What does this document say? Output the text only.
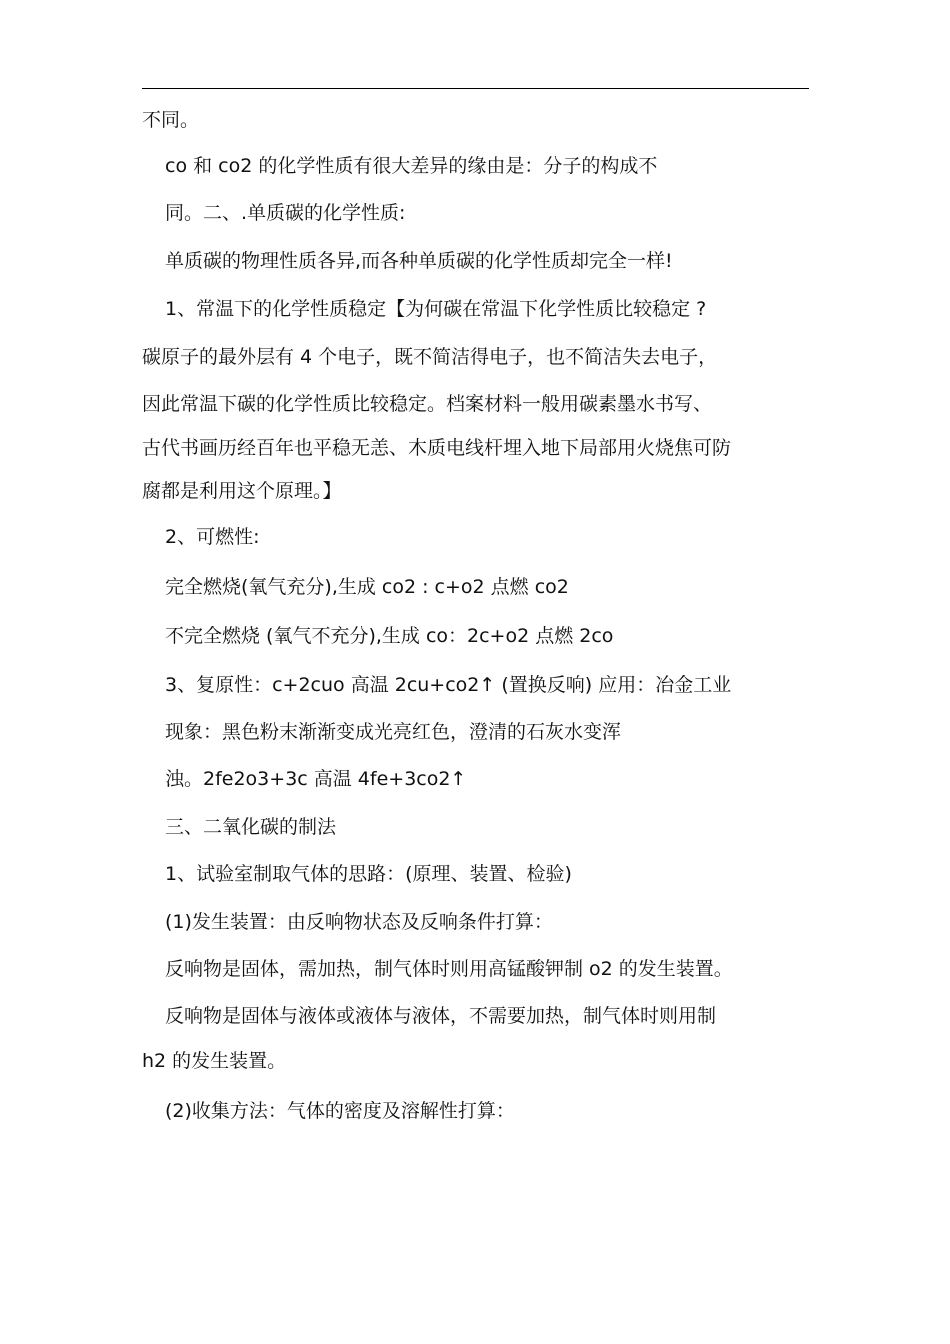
不同。
co 和 co2 的化学性质有很大差异的缘由是：分子的构成不
同。二、.单质碳的化学性质:
单质碳的物理性质各异,而各种单质碳的化学性质却完全一样!
1、常温下的化学性质稳定【为何碳在常温下化学性质比较稳定 ?
碳原子的最外层有 4 个电子，既不简洁得电子，也不简洁失去电子，
因此常温下碳的化学性质比较稳定。档案材料一般用碳素墨水书写、
古代书画历经百年也平稳无恙、木质电线杆埋入地下局部用火烧焦可防
腐都是利用这个原理。】
2、可燃性:
完全燃烧(氧气充分),生成 co2 : c+o2 点燃 co2
不完全燃烧 (氧气不充分),生成 co：2c+o2 点燃 2co
3、复原性：c+2cuo 高温 2cu+co2↑ (置换反响) 应用：冶金工业
现象：黑色粉末渐渐变成光亮红色，澄清的石灰水变浑
浊。2fe2o3+3c 高温 4fe+3co2↑
三、二氧化碳的制法
1、试验室制取气体的思路：(原理、装置、检验)
(1)发生装置：由反响物状态及反响条件打算：
反响物是固体，需加热，制气体时则用高锰酸钾制 o2 的发生装置。
反响物是固体与液体或液体与液体，不需要加热，制气体时则用制
h2 的发生装置。
(2)收集方法：气体的密度及溶解性打算：
